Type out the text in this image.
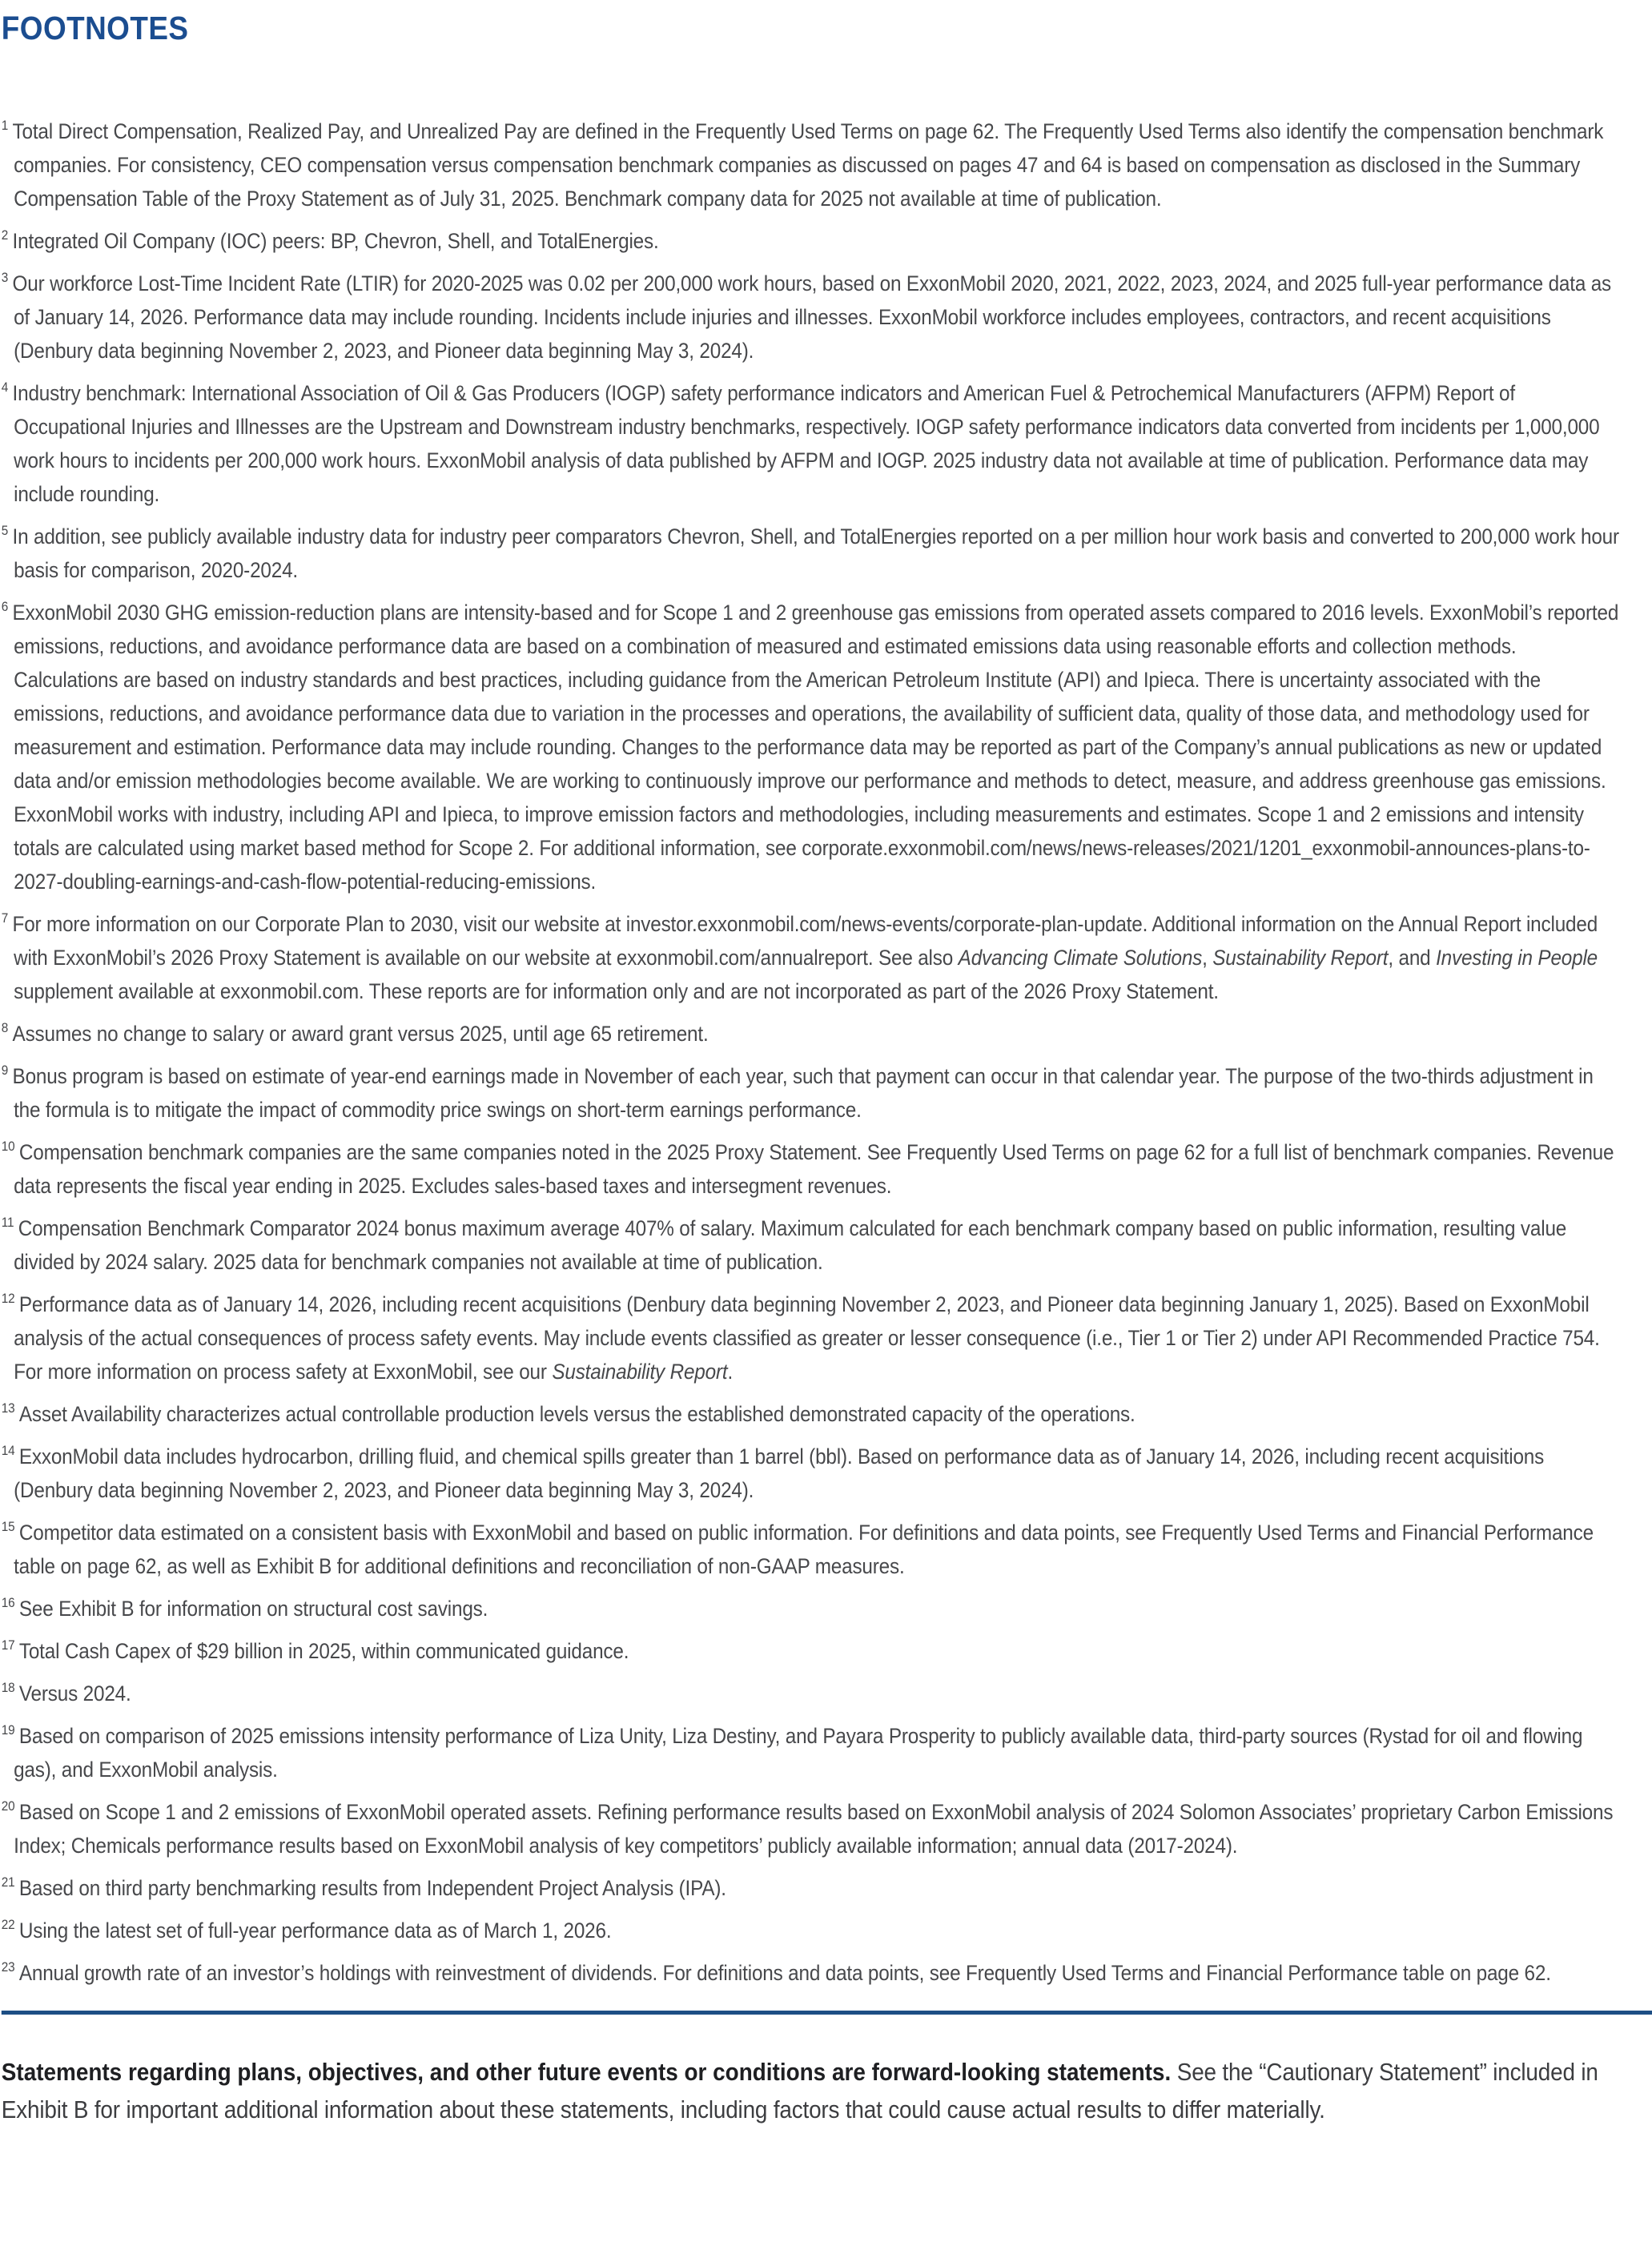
FOOTNOTES

$^1$ Total Direct Compensation, Realized Pay, and Unrealized Pay are defined in the Frequently Used Terms on page 62. The Frequently Used Terms also identify the compensation benchmark companies. For consistency, CEO compensation versus compensation benchmark companies as discussed on pages 47 and 64 is based on compensation as disclosed in the Summary Compensation Table of the Proxy Statement as of July 31, 2025. Benchmark company data for 2025 not available at time of publication.

$^2$ Integrated Oil Company (IOC) peers: BP, Chevron, Shell, and TotalEnergies.

$^3$ Our workforce Lost-Time Incident Rate (LTIR) for 2020-2025 was 0.02 per 200,000 work hours, based on ExxonMobil 2020, 2021, 2022, 2023, 2024, and 2025 full-year performance data as of January 14, 2026. Performance data may include rounding. Incidents include injuries and illnesses. ExxonMobil workforce includes employees, contractors, and recent acquisitions (Denbury data beginning November 2, 2023, and Pioneer data beginning May 3, 2024).

$^4$ Industry benchmark: International Association of Oil & Gas Producers (IOGP) safety performance indicators and American Fuel & Petrochemical Manufacturers (AFPM) Report of Occupational Injuries and Illnesses are the Upstream and Downstream industry benchmarks, respectively. IOGP safety performance indicators data converted from incidents per 1,000,000 work hours to incidents per 200,000 work hours. ExxonMobil analysis of data published by AFPM and IOGP. 2025 industry data not available at time of publication. Performance data may include rounding.

$^5$ In addition, see publicly available industry data for industry peer comparators Chevron, Shell, and TotalEnergies reported on a per million hour work basis and converted to 200,000 work hour basis for comparison, 2020-2024.

$^6$ ExxonMobil 2030 GHG emission-reduction plans are intensity-based and for Scope 1 and 2 greenhouse gas emissions from operated assets compared to 2016 levels. ExxonMobil’s reported emissions, reductions, and avoidance performance data are based on a combination of measured and estimated emissions data using reasonable efforts and collection methods. Calculations are based on industry standards and best practices, including guidance from the American Petroleum Institute (API) and Ipieca. There is uncertainty associated with the emissions, reductions, and avoidance performance data due to variation in the processes and operations, the availability of sufficient data, quality of those data, and methodology used for measurement and estimation. Performance data may include rounding. Changes to the performance data may be reported as part of the Company’s annual publications as new or updated data and/or emission methodologies become available. We are working to continuously improve our performance and methods to detect, measure, and address greenhouse gas emissions. ExxonMobil works with industry, including API and Ipieca, to improve emission factors and methodologies, including measurements and estimates. Scope 1 and 2 emissions and intensity totals are calculated using market based method for Scope 2. For additional information, see corporate.exxonmobil.com/news/news-releases/2021/1201_exxonmobil-announces-plans-to-2027-doubling-earnings-and-cash-flow-potential-reducing-emissions.

$^7$ For more information on our Corporate Plan to 2030, visit our website at investor.exxonmobil.com/news-events/corporate-plan-update. Additional information on the Annual Report included with ExxonMobil’s 2026 Proxy Statement is available on our website at exxonmobil.com/annualreport. See also Advancing Climate Solutions, Sustainability Report, and Investing in People supplement available at exxonmobil.com. These reports are for information only and are not incorporated as part of the 2026 Proxy Statement.

$^8$ Assumes no change to salary or award grant versus 2025, until age 65 retirement.

$^9$ Bonus program is based on estimate of year-end earnings made in November of each year, such that payment can occur in that calendar year. The purpose of the two-thirds adjustment in the formula is to mitigate the impact of commodity price swings on short-term earnings performance.

$^{10}$ Compensation benchmark companies are the same companies noted in the 2025 Proxy Statement. See Frequently Used Terms on page 62 for a full list of benchmark companies. Revenue data represents the fiscal year ending in 2025. Excludes sales-based taxes and intersegment revenues.

$^{11}$ Compensation Benchmark Comparator 2024 bonus maximum average 407% of salary. Maximum calculated for each benchmark company based on public information, resulting value divided by 2024 salary. 2025 data for benchmark companies not available at time of publication.

$^{12}$ Performance data as of January 14, 2026, including recent acquisitions (Denbury data beginning November 2, 2023, and Pioneer data beginning January 1, 2025). Based on ExxonMobil analysis of the actual consequences of process safety events. May include events classified as greater or lesser consequence (i.e., Tier 1 or Tier 2) under API Recommended Practice 754. For more information on process safety at ExxonMobil, see our Sustainability Report.

$^{13}$ Asset Availability characterizes actual controllable production levels versus the established demonstrated capacity of the operations.

$^{14}$ ExxonMobil data includes hydrocarbon, drilling fluid, and chemical spills greater than 1 barrel (bbl). Based on performance data as of January 14, 2026, including recent acquisitions (Denbury data beginning November 2, 2023, and Pioneer data beginning May 3, 2024).

$^{15}$ Competitor data estimated on a consistent basis with ExxonMobil and based on public information. For definitions and data points, see Frequently Used Terms and Financial Performance table on page 62, as well as Exhibit B for additional definitions and reconciliation of non-GAAP measures.

$^{16}$ See Exhibit B for information on structural cost savings.

$^{17}$ Total Cash Capex of $29 billion in 2025, within communicated guidance.

$^{18}$ Versus 2024.

$^{19}$ Based on comparison of 2025 emissions intensity performance of Liza Unity, Liza Destiny, and Payara Prosperity to publicly available data, third-party sources (Rystad for oil and flowing gas), and ExxonMobil analysis.

$^{20}$ Based on Scope 1 and 2 emissions of ExxonMobil operated assets. Refining performance results based on ExxonMobil analysis of 2024 Solomon Associates’ proprietary Carbon Emissions Index; Chemicals performance results based on ExxonMobil analysis of key competitors’ publicly available information; annual data (2017-2024).

$^{21}$ Based on third party benchmarking results from Independent Project Analysis (IPA).

$^{22}$ Using the latest set of full-year performance data as of March 1, 2026.

$^{23}$ Annual growth rate of an investor’s holdings with reinvestment of dividends. For definitions and data points, see Frequently Used Terms and Financial Performance table on page 62.

Statements regarding plans, objectives, and other future events or conditions are forward-looking statements. See the “Cautionary Statement” included in Exhibit B for important additional information about these statements, including factors that could cause actual results to differ materially.
